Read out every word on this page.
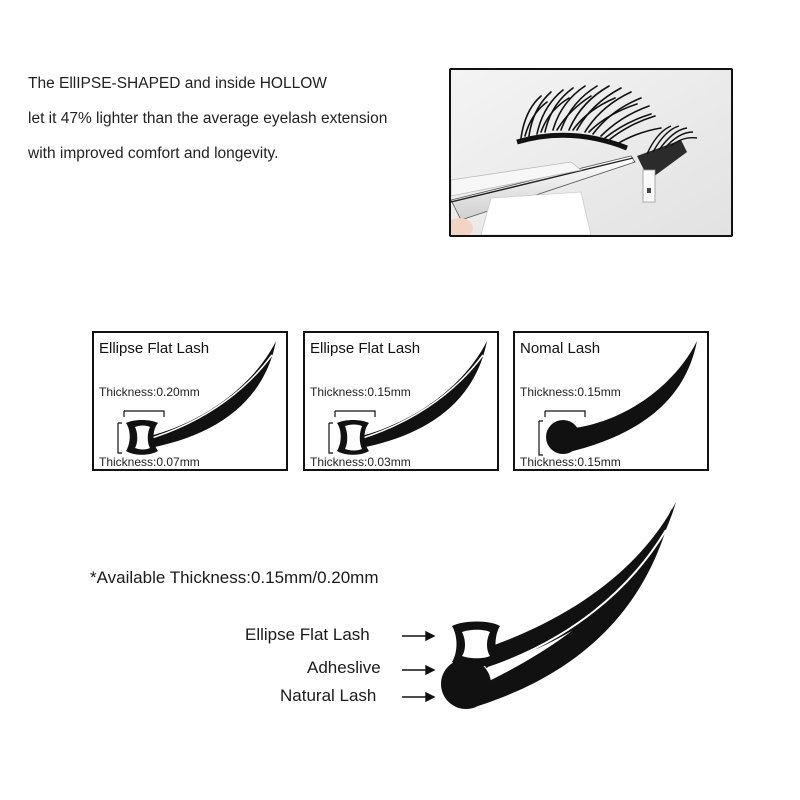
The EllIPSE-SHAPED and inside HOLLOW
let it 47% lighter than the average eyelash extension
with improved comfort and longevity.
Ellipse Flat Lash
Thickness:0.20mm
Thickness:0.07mm
Ellipse Flat Lash
Thickness:0.15mm
Thickness:0.03mm
Nomal Lash
Thickness:0.15mm
Thickness:0.15mm
*Available Thickness:0.15mm/0.20mm
Ellipse Flat Lash
Adheslive
Natural Lash
